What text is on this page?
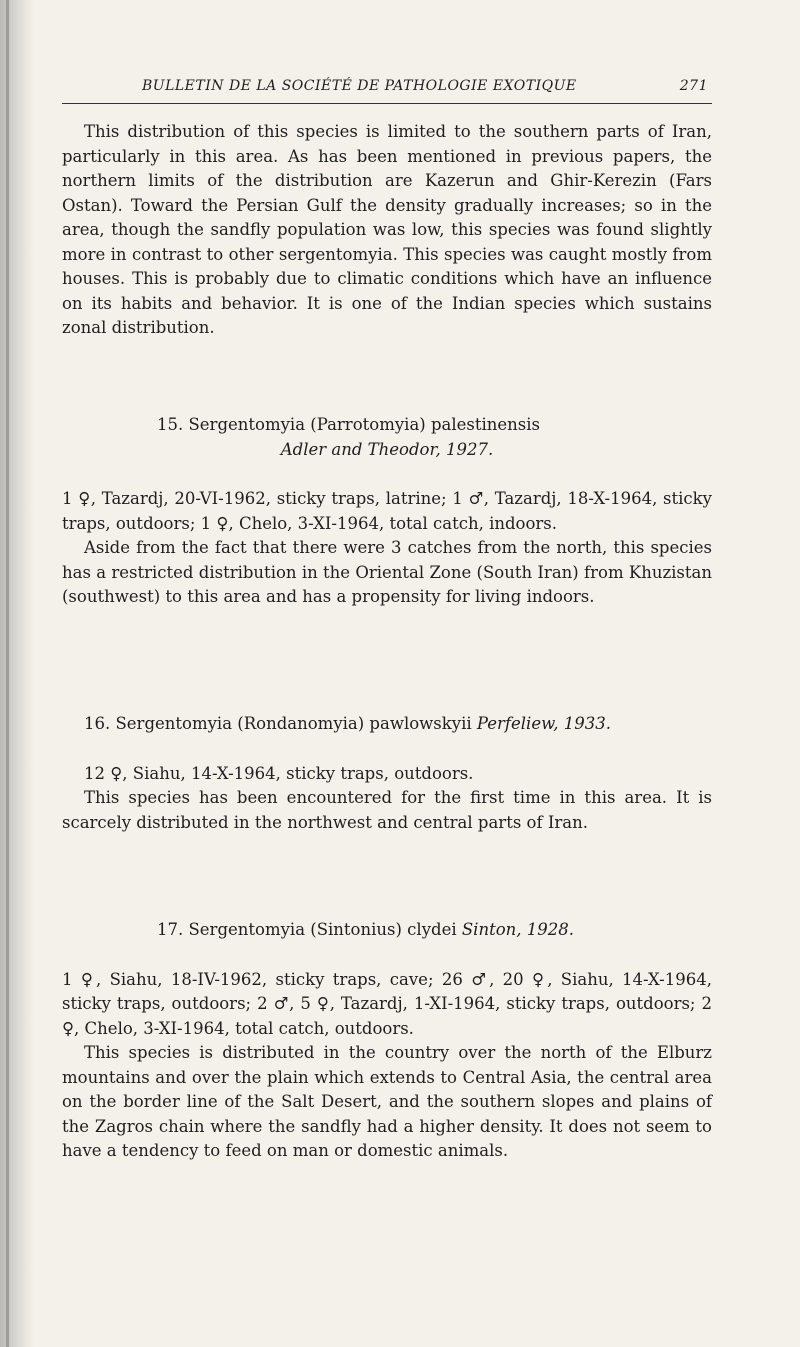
BULLETIN DE LA SOCIÉTÉ DE PATHOLOGIE EXOTIQUE	271

This distribution of this species is limited to the southern parts of Iran, particularly in this area. As has been mentioned in previous papers, the northern limits of the distribution are Kazerun and Ghir-Kerezin (Fars Ostan). Toward the Persian Gulf the density gradually increases; so in the area, though the sandfly population was low, this species was found slightly more in contrast to other sergentomyia. This species was caught mostly from houses. This is probably due to climatic conditions which have an influence on its habits and behavior. It is one of the Indian species which sustains zonal distribution.

15. Sergentomyia (Parrotomyia) palestinensis
Adler and Theodor, 1927.

1 ♀, Tazardj, 20-VI-1962, sticky traps, latrine; 1 ♂, Tazardj, 18-X-1964, sticky traps, outdoors; 1 ♀, Chelo, 3-XI-1964, total catch, indoors.

Aside from the fact that there were 3 catches from the north, this species has a restricted distribution in the Oriental Zone (South Iran) from Khuzistan (southwest) to this area and has a propensity for living indoors.

16. Sergentomyia (Rondanomyia) pawlowskyii Perfeliew, 1933.

12 ♀, Siahu, 14-X-1964, sticky traps, outdoors.

This species has been encountered for the first time in this area. It is scarcely distributed in the northwest and central parts of Iran.

17. Sergentomyia (Sintonius) clydei Sinton, 1928.

1 ♀, Siahu, 18-IV-1962, sticky traps, cave; 26 ♂, 20 ♀, Siahu, 14-X-1964, sticky traps, outdoors; 2 ♂, 5 ♀, Tazardj, 1-XI-1964, sticky traps, outdoors; 2 ♀, Chelo, 3-XI-1964, total catch, outdoors.

This species is distributed in the country over the north of the Elburz mountains and over the plain which extends to Central Asia, the central area on the border line of the Salt Desert, and the southern slopes and plains of the Zagros chain where the sandfly had a higher density. It does not seem to have a tendency to feed on man or domestic animals.
